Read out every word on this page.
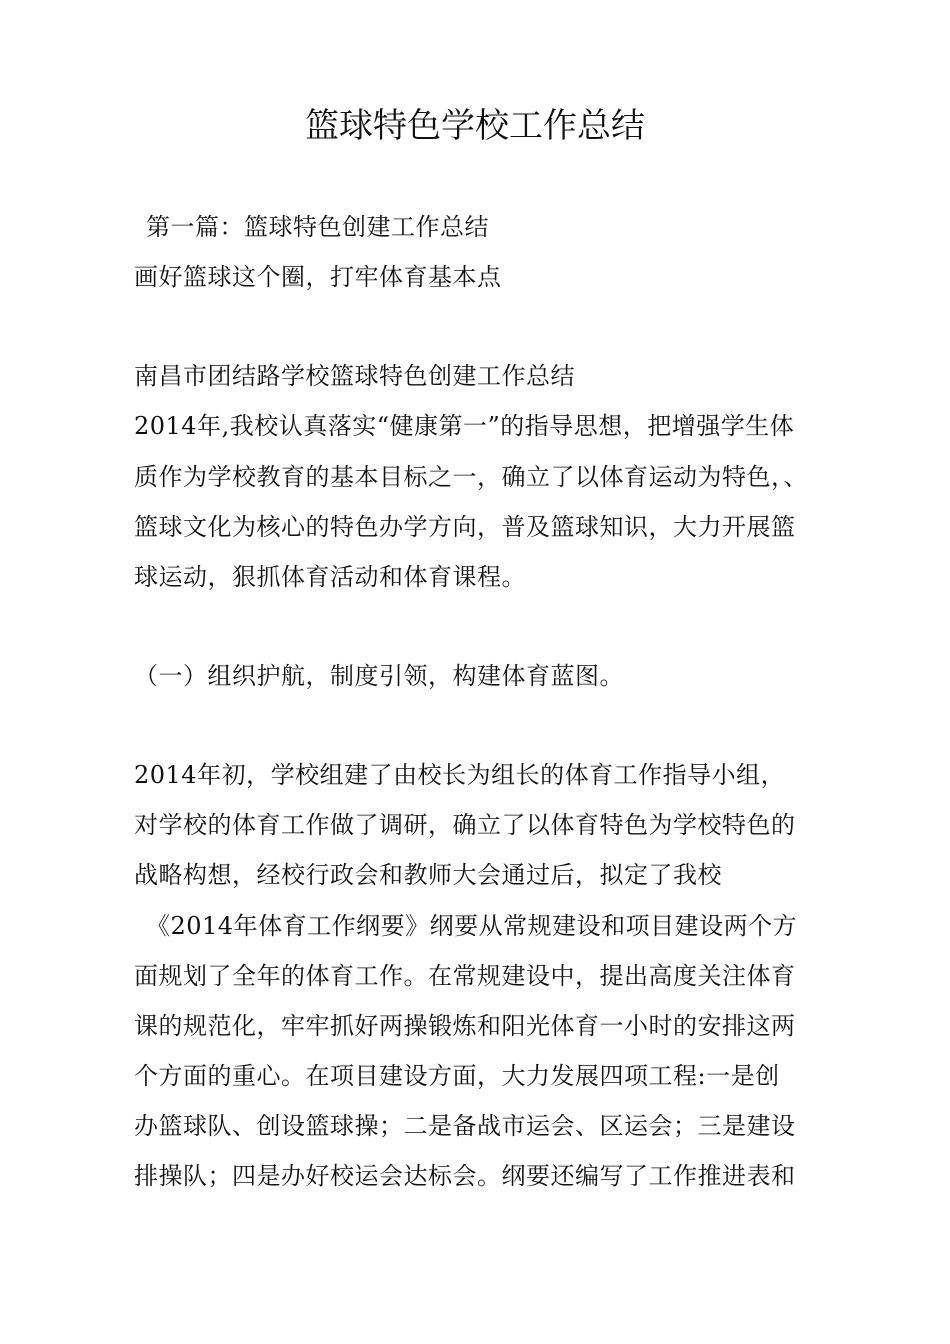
篮球特色学校工作总结
第一篇：篮球特色创建工作总结
画好篮球这个圈，打牢体育基本点
南昌市团结路学校篮球特色创建工作总结
2014年,我校认真落实“健康第一”的指导思想，把增强学生体
质作为学校教育的基本目标之一，确立了以体育运动为特色，、
篮球文化为核心的特色办学方向，普及篮球知识，大力开展篮
球运动，狠抓体育活动和体育课程。
（一）组织护航，制度引领，构建体育蓝图。
2014年初，学校组建了由校长为组长的体育工作指导小组，
对学校的体育工作做了调研，确立了以体育特色为学校特色的
战略构想，经校行政会和教师大会通过后，拟定了我校
《2014年体育工作纲要》纲要从常规建设和项目建设两个方
面规划了全年的体育工作。在常规建设中，提出高度关注体育
课的规范化，牢牢抓好两操锻炼和阳光体育一小时的安排这两
个方面的重心。在项目建设方面，大力发展四项工程:一是创
办篮球队、创设篮球操；二是备战市运会、区运会；三是建设
排操队；四是办好校运会达标会。纲要还编写了工作推进表和
